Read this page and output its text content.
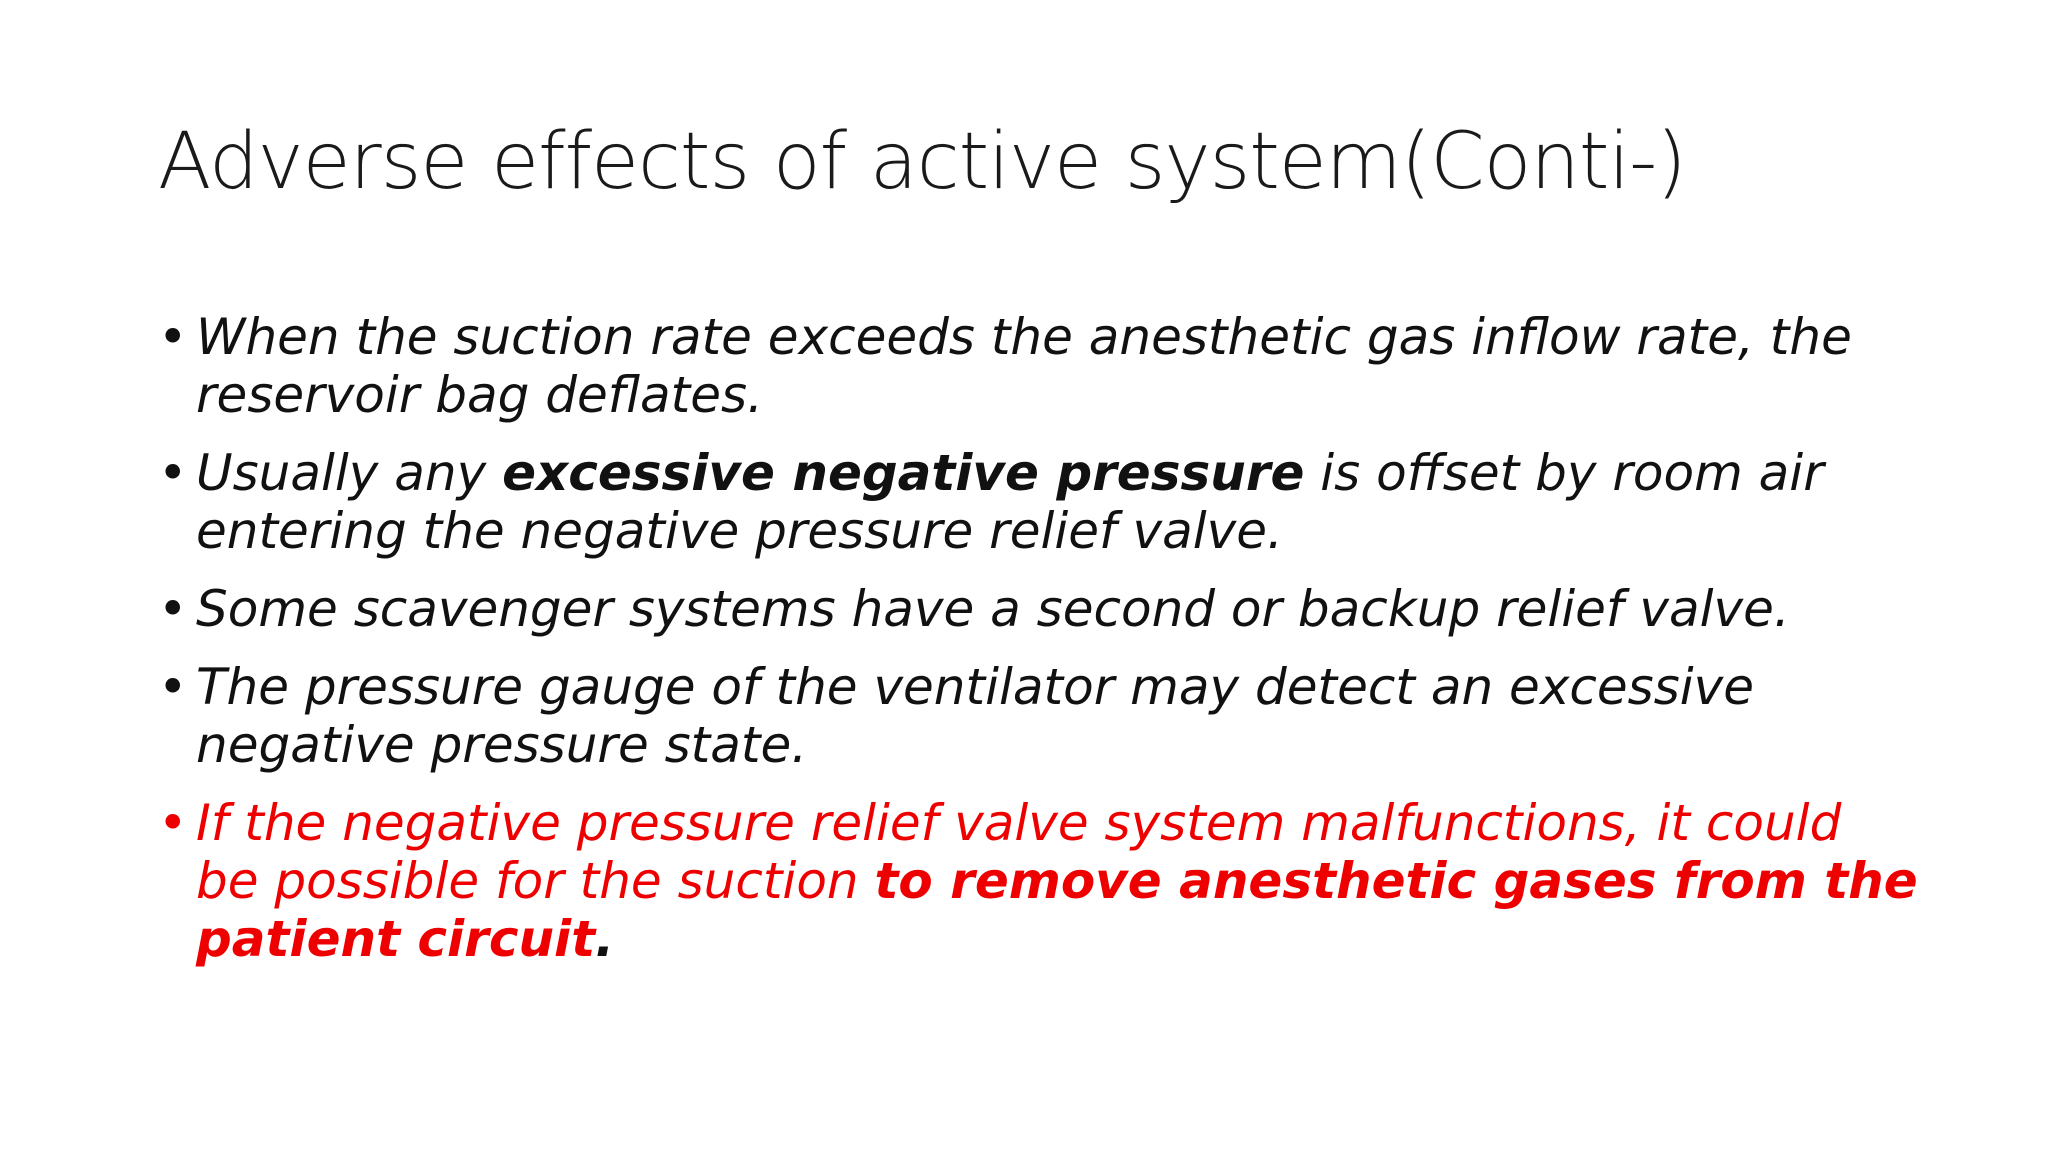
Adverse effects of active system(Conti-)
• When the suction rate exceeds the anesthetic gas inflow rate, the reservoir bag deflates.
• Usually any excessive negative pressure is offset by room air entering the negative pressure relief valve.
• Some scavenger systems have a second or backup relief valve.
• The pressure gauge of the ventilator may detect an excessive negative pressure state.
• If the negative pressure relief valve system malfunctions, it could be possible for the suction to remove anesthetic gases from the patient circuit.
